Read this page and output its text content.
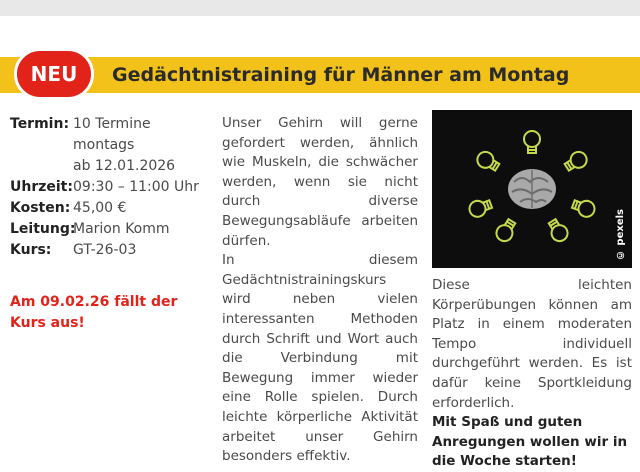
Gedächtnistraining für Männer am Montag
NEU
Termin: 10 Termine
montags
ab 12.01.2026
Uhrzeit: 09:30 – 11:00 Uhr
Kosten: 45,00 €
Leitung:
Marion Komm
Kurs:	GT-26-03
Am 09.02.26 fällt der Kurs aus!

Unser Gehirn will gerne gefordert werden, ähnlich wie Muskeln, die schwächer werden, wenn sie nicht durch diverse Bewegungsabläufe arbeiten dürfen.

In diesem Gedächtnistrainingskurs wird neben vielen interessanten Methoden durch Schrift und Wort auch die Verbindung mit Bewegung immer wieder eine Rolle spielen. Durch leichte körperliche Aktivität arbeitet unser Gehirn besonders effektiv.

© pexels

Diese leichten Körperübungen können am Platz in einem moderaten Tempo individuell durchgeführt werden. Es ist dafür keine Sportkleidung erforderlich.

Mit Spaß und guten Anregungen wollen wir in die Woche starten!
